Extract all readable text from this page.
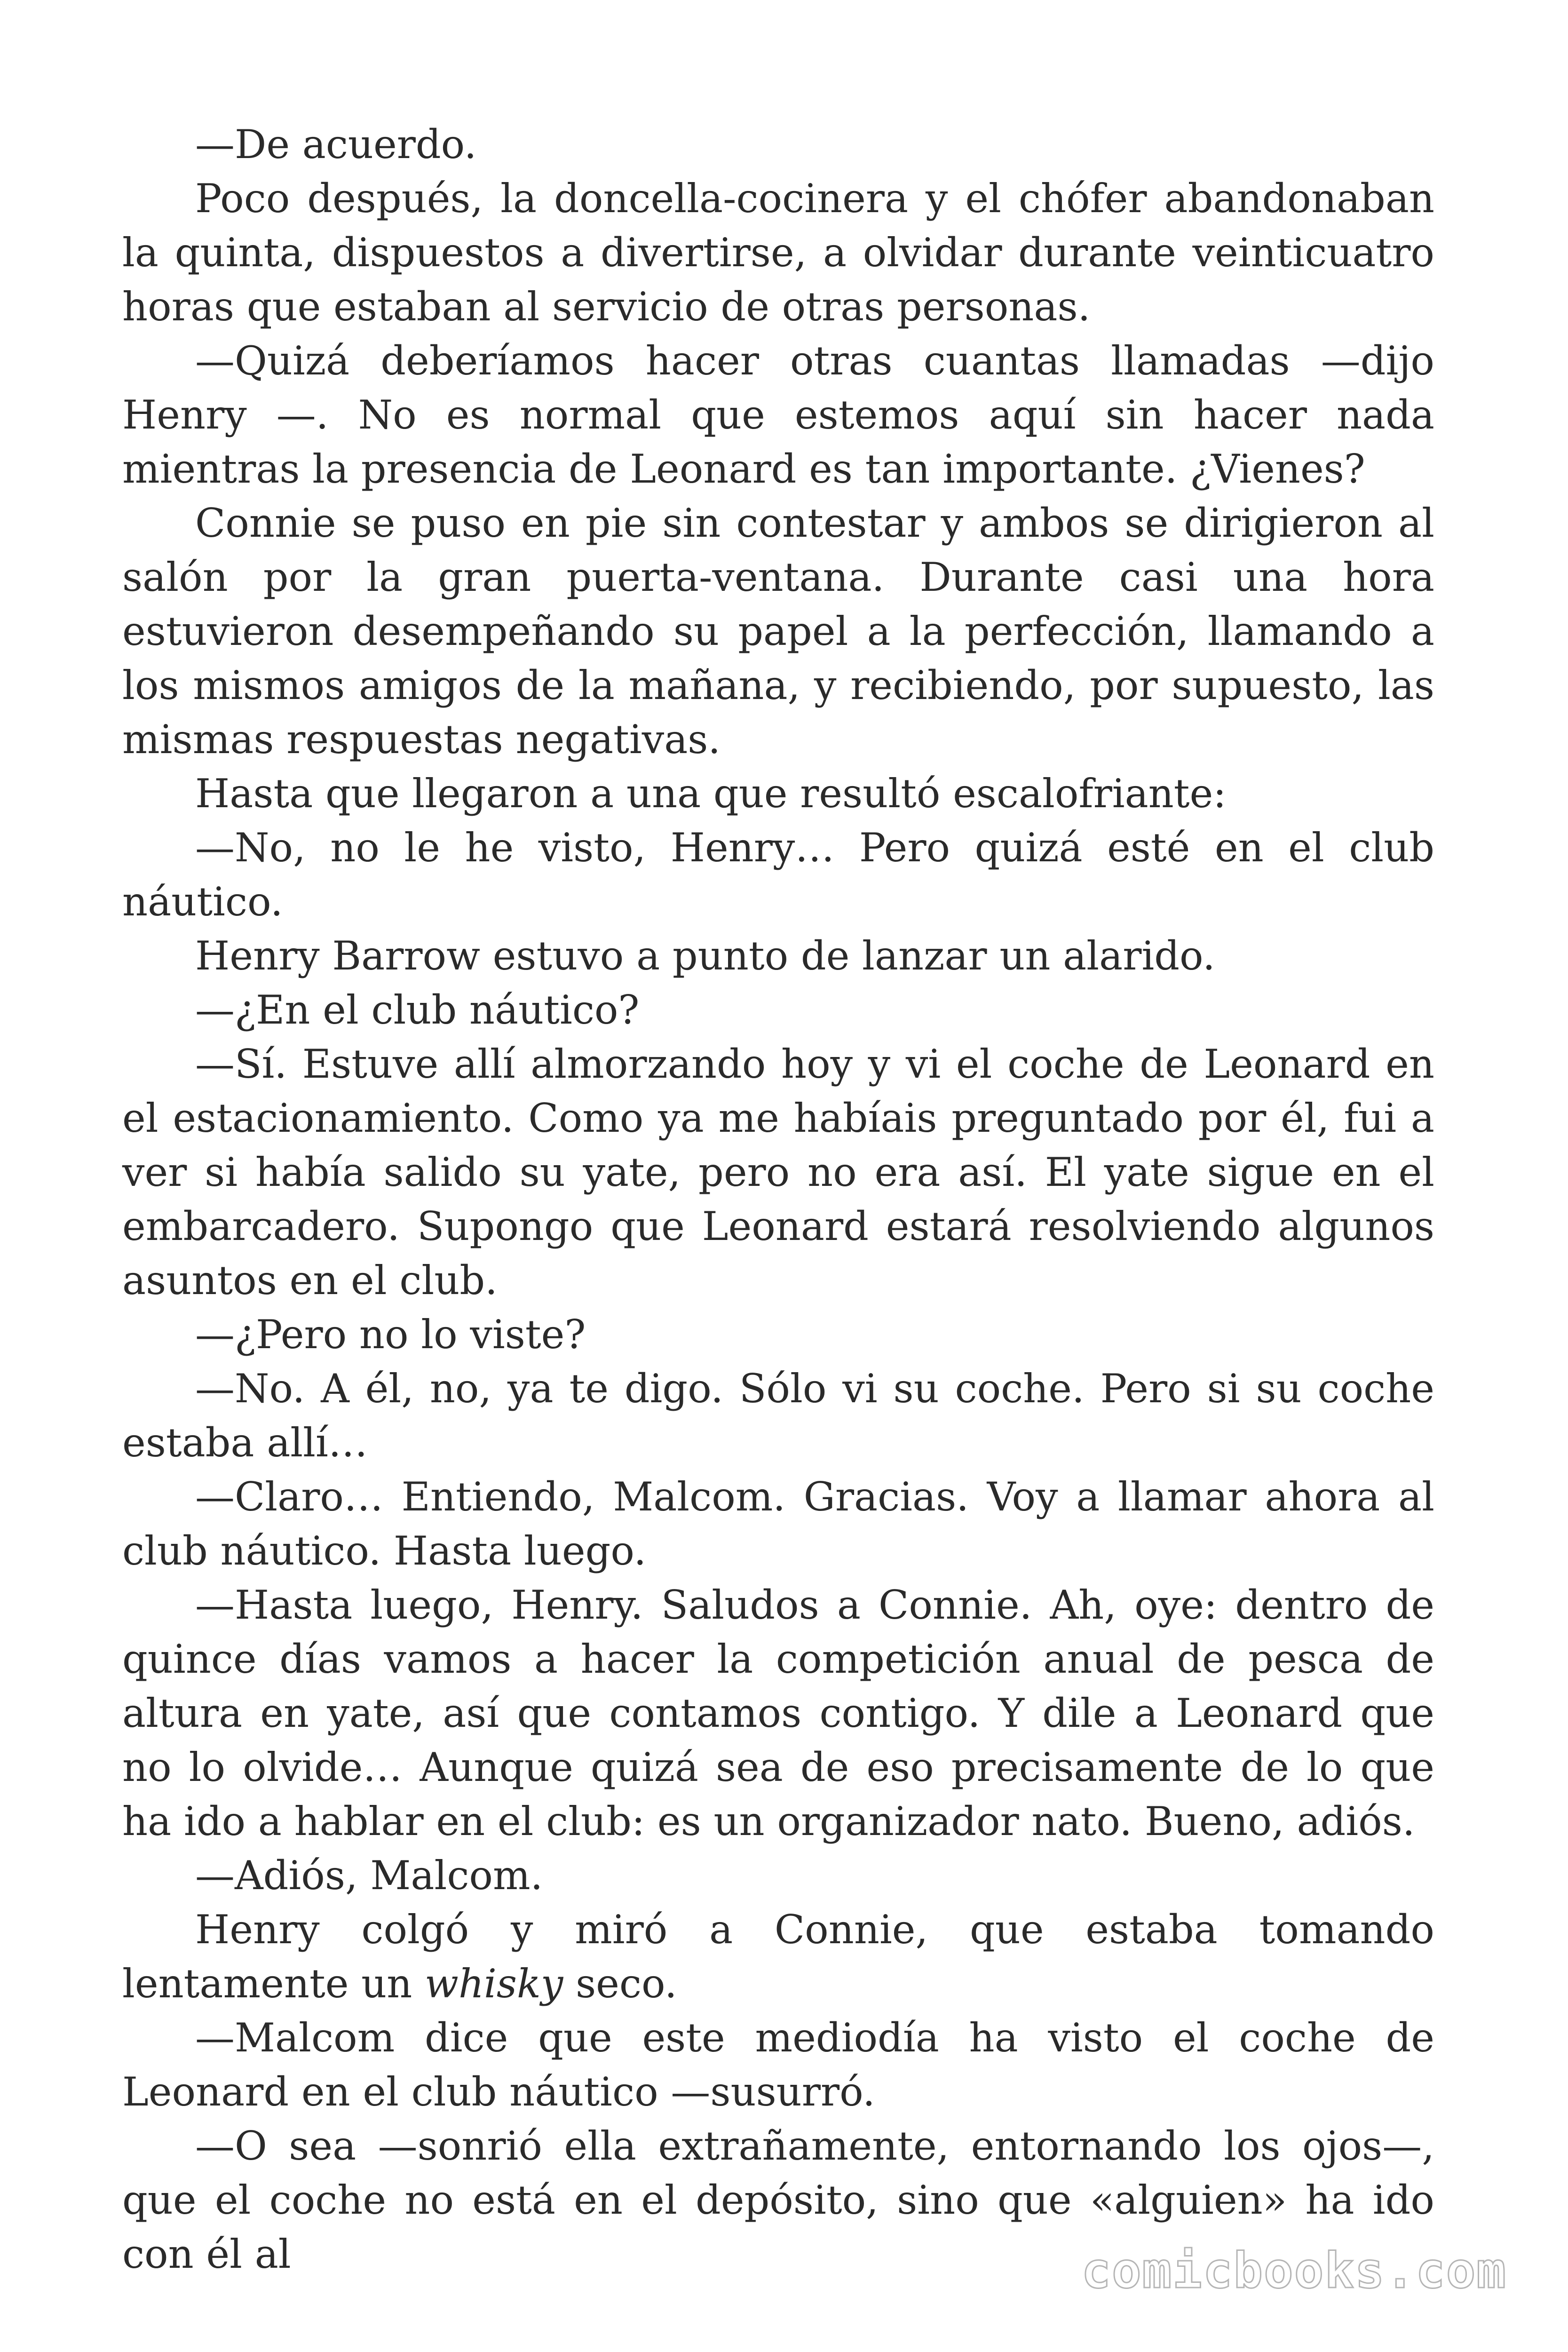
—De acuerdo.

Poco después, la doncella-cocinera y el chófer abandonaban la quinta, dispuestos a divertirse, a olvidar durante veinticuatro horas que estaban al servicio de otras personas.

—Quizá deberíamos hacer otras cuantas llamadas —dijo Henry —. No es normal que estemos aquí sin hacer nada mientras la presencia de Leonard es tan importante. ¿Vienes?

Connie se puso en pie sin contestar y ambos se dirigieron al salón por la gran puerta-ventana. Durante casi una hora estuvieron desempeñando su papel a la perfección, llamando a los mismos amigos de la mañana, y recibiendo, por supuesto, las mismas respuestas negativas.

Hasta que llegaron a una que resultó escalofriante:

—No, no le he visto, Henry… Pero quizá esté en el club náutico.

Henry Barrow estuvo a punto de lanzar un alarido.

—¿En el club náutico?

—Sí. Estuve allí almorzando hoy y vi el coche de Leonard en el estacionamiento. Como ya me habíais preguntado por él, fui a ver si había salido su yate, pero no era así. El yate sigue en el embarcadero. Supongo que Leonard estará resolviendo algunos asuntos en el club.

—¿Pero no lo viste?

—No. A él, no, ya te digo. Sólo vi su coche. Pero si su coche estaba allí…

—Claro… Entiendo, Malcom. Gracias. Voy a llamar ahora al club náutico. Hasta luego.

—Hasta luego, Henry. Saludos a Connie. Ah, oye: dentro de quince días vamos a hacer la competición anual de pesca de altura en yate, así que contamos contigo. Y dile a Leonard que no lo olvide… Aunque quizá sea de eso precisamente de lo que ha ido a hablar en el club: es un organizador nato. Bueno, adiós.

—Adiós, Malcom.

Henry colgó y miró a Connie, que estaba tomando lentamente un whisky seco.

—Malcom dice que este mediodía ha visto el coche de Leonard en el club náutico —susurró.

—O sea —sonrió ella extrañamente, entornando los ojos—, que el coche no está en el depósito, sino que «alguien» ha ido con él al	comicbooks.com
